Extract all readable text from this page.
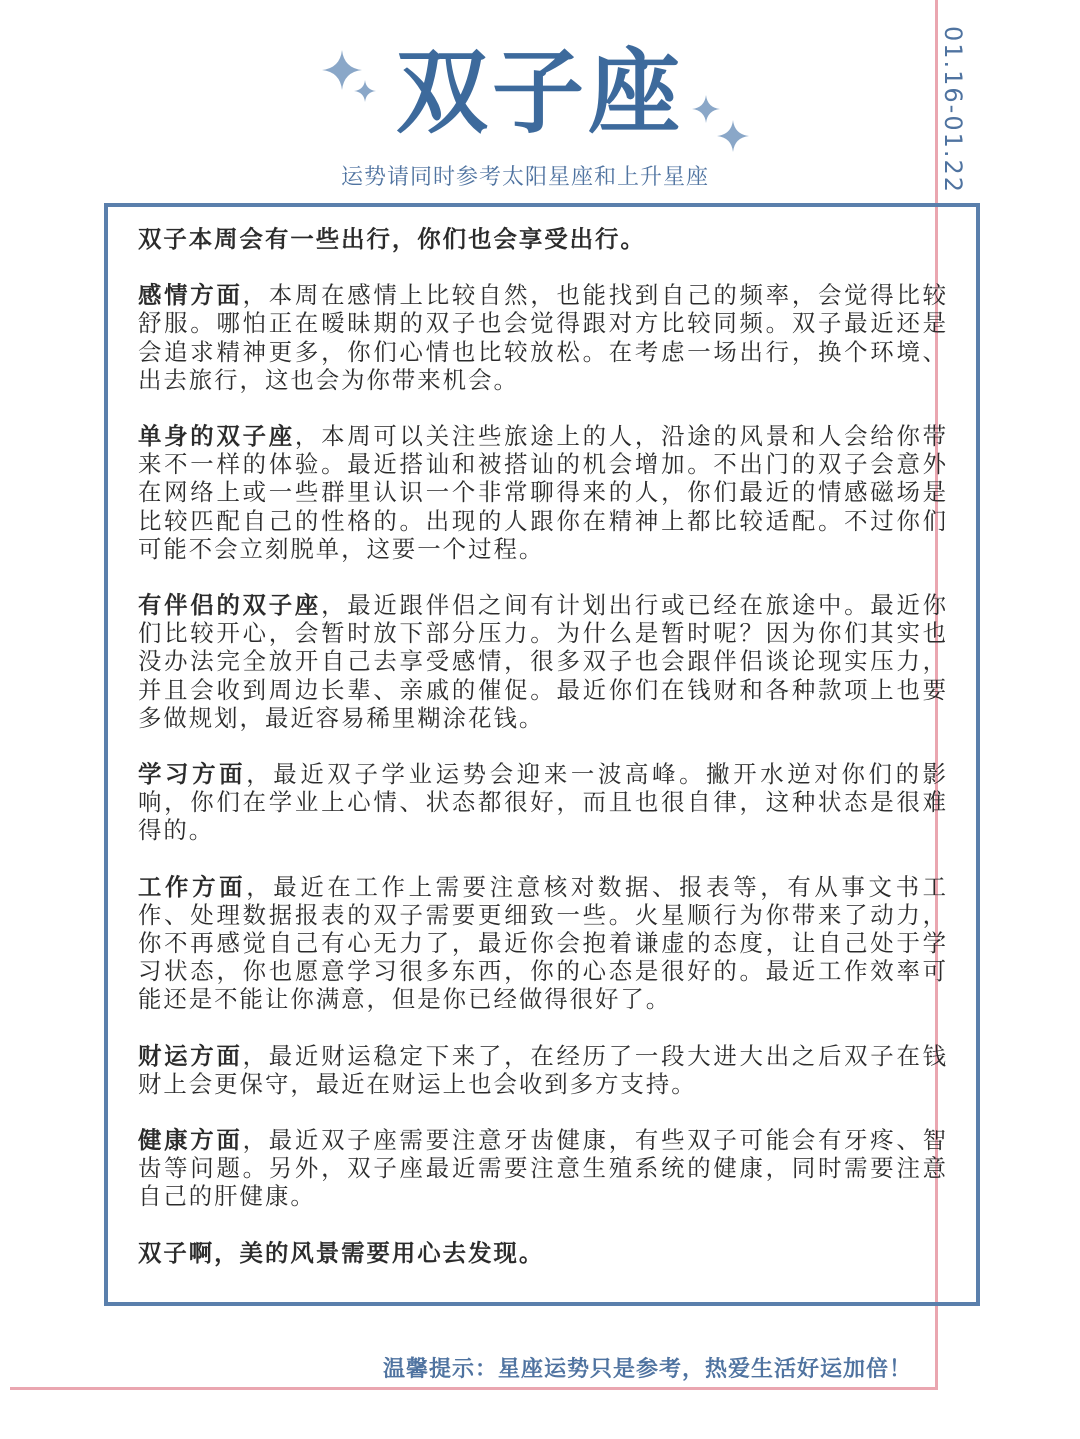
01.16-01.22
双子座
运势请同时参考太阳星座和上升星座

双子本周会有一些出行，你们也会享受出行。

感情方面，本周在感情上比较自然，也能找到自己的频率，会觉得比较舒服。哪怕正在暧昧期的双子也会觉得跟对方比较同频。双子最近还是会追求精神更多，你们心情也比较放松。在考虑一场出行，换个环境、出去旅行，这也会为你带来机会。

单身的双子座，本周可以关注些旅途上的人，沿途的风景和人会给你带来不一样的体验。最近搭讪和被搭讪的机会增加。不出门的双子会意外在网络上或一些群里认识一个非常聊得来的人，你们最近的情感磁场是比较匹配自己的性格的。出现的人跟你在精神上都比较适配。不过你们可能不会立刻脱单，这要一个过程。

有伴侣的双子座，最近跟伴侣之间有计划出行或已经在旅途中。最近你们比较开心，会暂时放下部分压力。为什么是暂时呢？因为你们其实也没办法完全放开自己去享受感情，很多双子也会跟伴侣谈论现实压力，并且会收到周边长辈、亲戚的催促。最近你们在钱财和各种款项上也要多做规划，最近容易稀里糊涂花钱。

学习方面，最近双子学业运势会迎来一波高峰。撇开水逆对你们的影响，你们在学业上心情、状态都很好，而且也很自律，这种状态是很难得的。

工作方面，最近在工作上需要注意核对数据、报表等，有从事文书工作、处理数据报表的双子需要更细致一些。火星顺行为你带来了动力，你不再感觉自己有心无力了，最近你会抱着谦虚的态度，让自己处于学习状态，你也愿意学习很多东西，你的心态是很好的。最近工作效率可能还是不能让你满意，但是你已经做得很好了。

财运方面，最近财运稳定下来了，在经历了一段大进大出之后双子在钱财上会更保守，最近在财运上也会收到多方支持。

健康方面，最近双子座需要注意牙齿健康，有些双子可能会有牙疼、智齿等问题。另外，双子座最近需要注意生殖系统的健康，同时需要注意自己的肝健康。

双子啊，美的风景需要用心去发现。

温馨提示：星座运势只是参考，热爱生活好运加倍！
